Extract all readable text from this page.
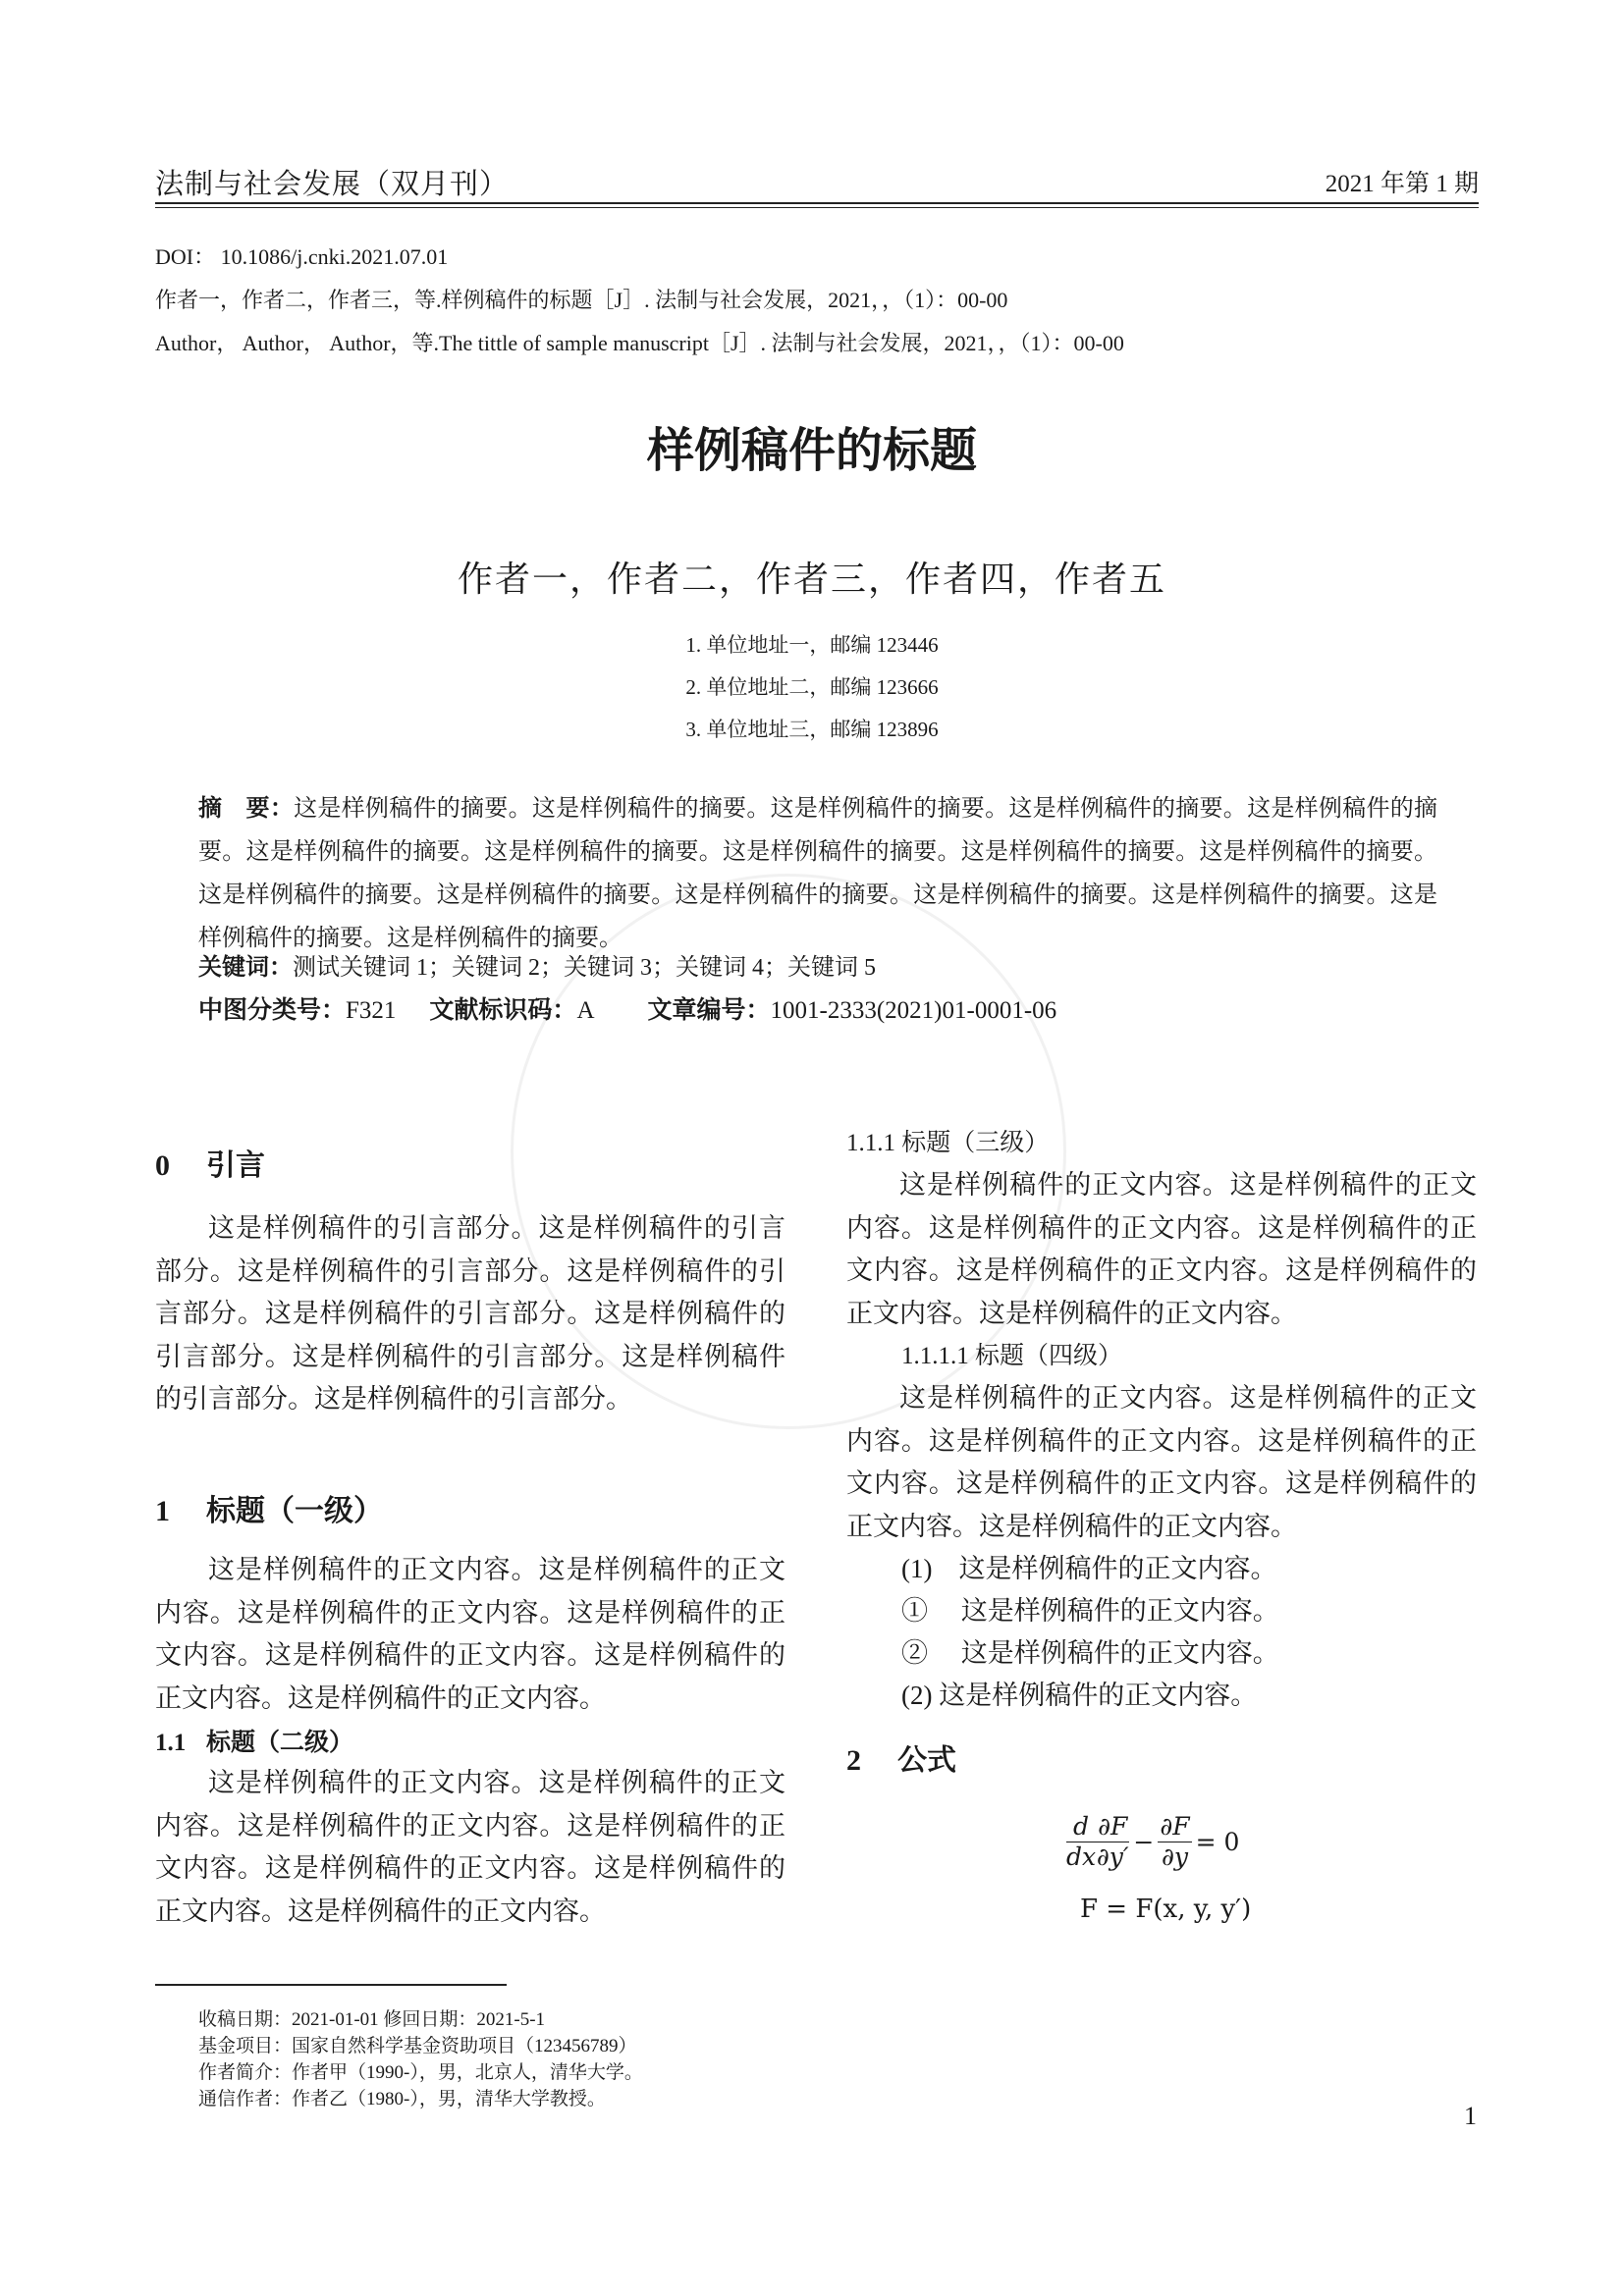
法制与社会发展（双月刊）	2021 年第 1 期
DOI： 10.1086/j.cnki.2021.07.01
作者一，作者二，作者三，等.样例稿件的标题［J］. 法制与社会发展，2021，，（1）：00-00
Author， Author， Author，等.The tittle of sample manuscript［J］. 法制与社会发展，2021，，（1）：00-00
样例稿件的标题
作者一，作者二，作者三，作者四，作者五
1. 单位地址一，邮编 123446
2. 单位地址二，邮编 123666
3. 单位地址三，邮编 123896
摘　要：这是样例稿件的摘要。这是样例稿件的摘要。这是样例稿件的摘要。这是样例稿件的摘要。这是样例稿件的摘要。这是样例稿件的摘要。这是样例稿件的摘要。这是样例稿件的摘要。这是样例稿件的摘要。这是样例稿件的摘要。这是样例稿件的摘要。这是样例稿件的摘要。这是样例稿件的摘要。这是样例稿件的摘要。这是样例稿件的摘要。这是样例稿件的摘要。这是样例稿件的摘要。
关键词：测试关键词 1；关键词 2；关键词 3；关键词 4；关键词 5
中图分类号：F321 文献标识码：A 文章编号：1001-2333(2021)01-0001-06
0 引言
这是样例稿件的引言部分。这是样例稿件的引言部分。这是样例稿件的引言部分。这是样例稿件的引言部分。这是样例稿件的引言部分。这是样例稿件的引言部分。这是样例稿件的引言部分。这是样例稿件的引言部分。这是样例稿件的引言部分。
1 标题（一级）
这是样例稿件的正文内容。这是样例稿件的正文内容。这是样例稿件的正文内容。这是样例稿件的正文内容。这是样例稿件的正文内容。这是样例稿件的正文内容。这是样例稿件的正文内容。
1.1 标题（二级）
这是样例稿件的正文内容。这是样例稿件的正文内容。这是样例稿件的正文内容。这是样例稿件的正文内容。这是样例稿件的正文内容。这是样例稿件的正文内容。这是样例稿件的正文内容。
1.1.1 标题（三级）
这是样例稿件的正文内容。这是样例稿件的正文内容。这是样例稿件的正文内容。这是样例稿件的正文内容。这是样例稿件的正文内容。这是样例稿件的正文内容。这是样例稿件的正文内容。
1.1.1.1 标题（四级）
这是样例稿件的正文内容。这是样例稿件的正文内容。这是样例稿件的正文内容。这是样例稿件的正文内容。这是样例稿件的正文内容。这是样例稿件的正文内容。这是样例稿件的正文内容。
(1)　这是样例稿件的正文内容。
①　 这是样例稿件的正文内容。
②　 这是样例稿件的正文内容。
(2) 这是样例稿件的正文内容。
2 公式
$\frac{d}{dx} \frac{\partial F}{\partial y'} - \frac{\partial F}{\partial y} = 0$
F = F(x, y, y′)
收稿日期：2021-01-01 修回日期：2021-5-1
基金项目：国家自然科学基金资助项目（123456789）
作者简介：作者甲（1990-），男，北京人，清华大学。
通信作者：作者乙（1980-），男，清华大学教授。
1
